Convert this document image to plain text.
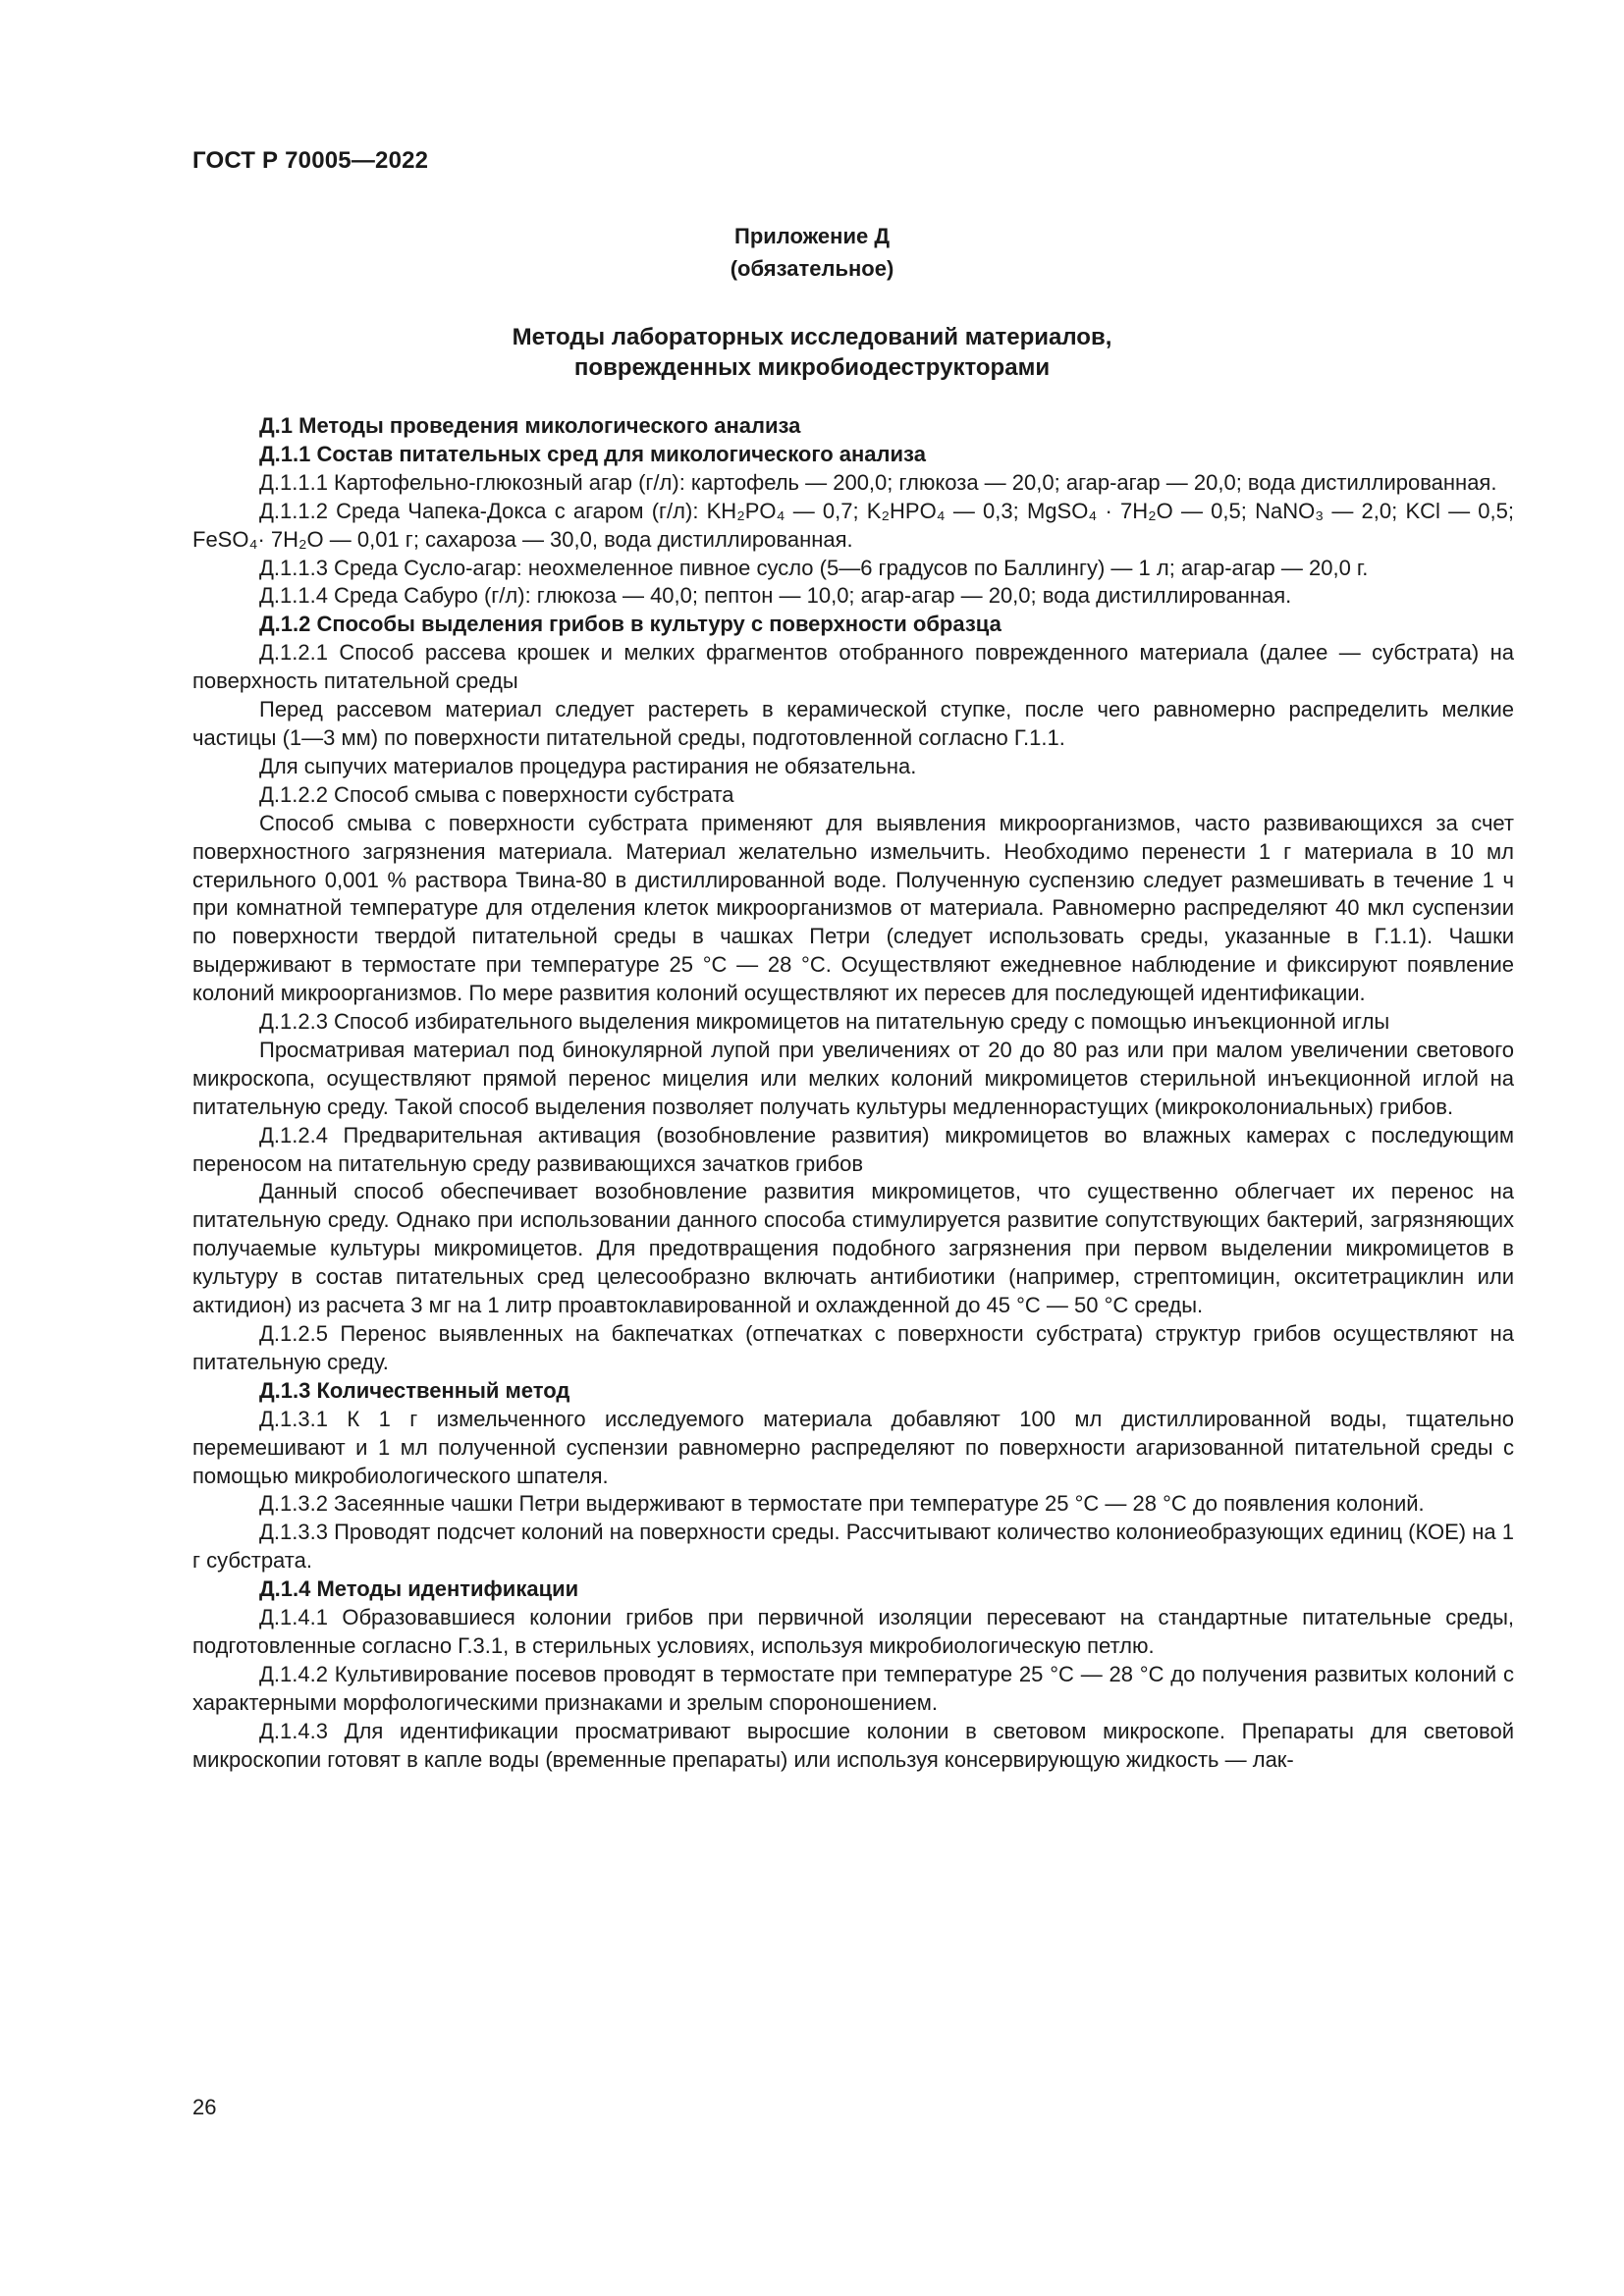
ГОСТ Р 70005—2022
Приложение Д
(обязательное)
Методы лабораторных исследований материалов,
поврежденных микробиодеструкторами

Д.1 Методы проведения микологического анализа

Д.1.1 Состав питательных сред для микологического анализа

Д.1.1.1 Картофельно-глюкозный агар (г/л): картофель — 200,0; глюкоза — 20,0; агар-агар — 20,0; вода дистиллированная.

Д.1.1.2 Среда Чапека-Докса с агаром (г/л): KH₂PO₄ — 0,7; K₂HPO₄ — 0,3; MgSO₄ · 7H₂O — 0,5; NaNO₃ — 2,0; KCl — 0,5; FeSO₄· 7H₂O — 0,01 г; сахароза — 30,0, вода дистиллированная.

Д.1.1.3 Среда Сусло-агар: неохмеленное пивное сусло (5—6 градусов по Баллингу) — 1 л; агар-агар — 20,0 г.

Д.1.1.4 Среда Сабуро (г/л): глюкоза — 40,0; пептон — 10,0; агар-агар — 20,0; вода дистиллированная.

Д.1.2 Способы выделения грибов в культуру с поверхности образца

Д.1.2.1 Способ рассева крошек и мелких фрагментов отобранного поврежденного материала (далее — субстрата) на поверхность питательной среды

Перед рассевом материал следует растереть в керамической ступке, после чего равномерно распределить мелкие частицы (1—3 мм) по поверхности питательной среды, подготовленной согласно Г.1.1.

Для сыпучих материалов процедура растирания не обязательна.

Д.1.2.2 Способ смыва с поверхности субстрата

Способ смыва с поверхности субстрата применяют для выявления микроорганизмов, часто развивающихся за счет поверхностного загрязнения материала. Материал желательно измельчить. Необходимо перенести 1 г материала в 10 мл стерильного 0,001 % раствора Твина-80 в дистиллированной воде. Полученную суспензию следует размешивать в течение 1 ч при комнатной температуре для отделения клеток микроорганизмов от материала. Равномерно распределяют 40 мкл суспензии по поверхности твердой питательной среды в чашках Петри (следует использовать среды, указанные в Г.1.1). Чашки выдерживают в термостате при температуре 25 °С — 28 °С. Осуществляют ежедневное наблюдение и фиксируют появление колоний микроорганизмов. По мере развития колоний осуществляют их пересев для последующей идентификации.

Д.1.2.3 Способ избирательного выделения микромицетов на питательную среду с помощью инъекционной иглы

Просматривая материал под бинокулярной лупой при увеличениях от 20 до 80 раз или при малом увеличении светового микроскопа, осуществляют прямой перенос мицелия или мелких колоний микромицетов стерильной инъекционной иглой на питательную среду. Такой способ выделения позволяет получать культуры медленнорастущих (микроколониальных) грибов.

Д.1.2.4 Предварительная активация (возобновление развития) микромицетов во влажных камерах с последующим переносом на питательную среду развивающихся зачатков грибов

Данный способ обеспечивает возобновление развития микромицетов, что существенно облегчает их перенос на питательную среду. Однако при использовании данного способа стимулируется развитие сопутствующих бактерий, загрязняющих получаемые культуры микромицетов. Для предотвращения подобного загрязнения при первом выделении микромицетов в культуру в состав питательных сред целесообразно включать антибиотики (например, стрептомицин, окситетрациклин или актидион) из расчета 3 мг на 1 литр проавтоклавированной и охлажденной до 45 °С — 50 °С среды.

Д.1.2.5 Перенос выявленных на бакпечатках (отпечатках с поверхности субстрата) структур грибов осуществляют на питательную среду.

Д.1.3 Количественный метод

Д.1.3.1 К 1 г измельченного исследуемого материала добавляют 100 мл дистиллированной воды, тщательно перемешивают и 1 мл полученной суспензии равномерно распределяют по поверхности агаризованной питательной среды с помощью микробиологического шпателя.

Д.1.3.2 Засеянные чашки Петри выдерживают в термостате при температуре 25 °С — 28 °С до появления колоний.

Д.1.3.3 Проводят подсчет колоний на поверхности среды. Рассчитывают количество колониеобразующих единиц (КОЕ) на 1 г субстрата.

Д.1.4 Методы идентификации

Д.1.4.1 Образовавшиеся колонии грибов при первичной изоляции пересевают на стандартные питательные среды, подготовленные согласно Г.3.1, в стерильных условиях, используя микробиологическую петлю.

Д.1.4.2 Культивирование посевов проводят в термостате при температуре 25 °С — 28 °С до получения развитых колоний с характерными морфологическими признаками и зрелым спороношением.

Д.1.4.3 Для идентификации просматривают выросшие колонии в световом микроскопе. Препараты для световой микроскопии готовят в капле воды (временные препараты) или используя консервирующую жидкость — лак-

26
